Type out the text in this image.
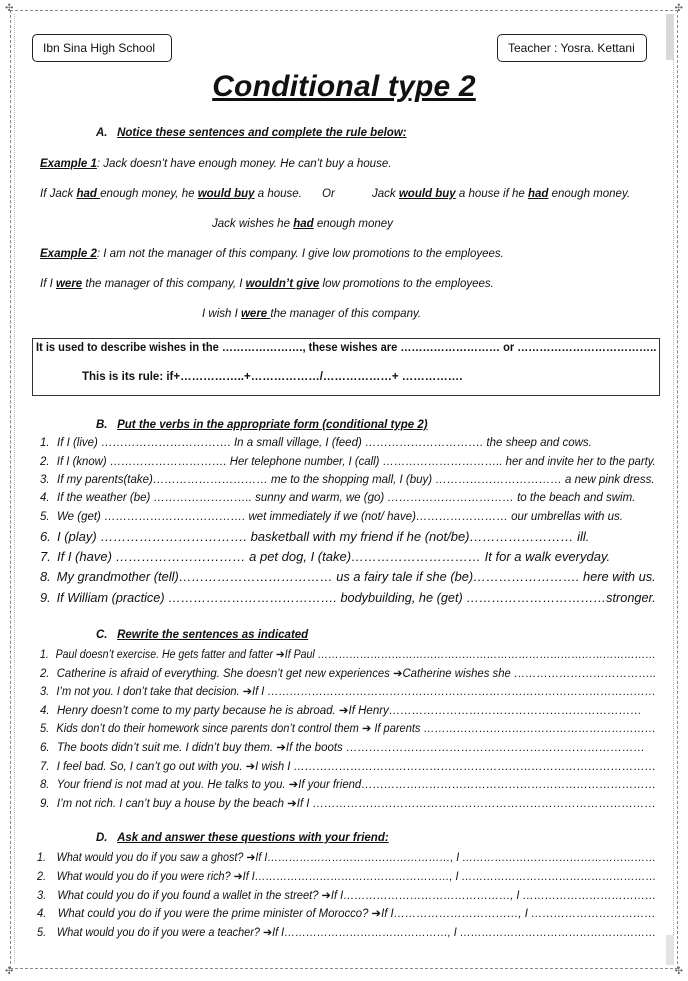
✣	✣
✣	✣
Ibn Sina High School	Teacher : Yosra. Kettani
Conditional type 2
A. Notice these sentences and complete the rule below:
Example 1: Jack doesn’t have enough money. He can’t buy a house.
If Jack had enough money, he would buy a house. Or	Jack would buy a house if he had enough money.
Jack wishes he had enough money
Example 2: I am not the manager of this company. I give low promotions to the employees.
If I were the manager of this company, I wouldn’t give low promotions to the employees.
I wish I were the manager of this company.
It is used to describe wishes in the …………………., these wishes are ……………………… or ………………………………..
This is its rule: if+……………..+………………/………………+ …………….
B. Put the verbs in the appropriate form (conditional type 2)
1. If I (live) ……………………………. In a small village, I (feed) …………………………. the sheep and cows.
2. If I (know) …………………………. Her telephone number, I (call) ………………………….. her and invite her to the party.
3. If my parents(take)………………………… me to the shopping mall, I (buy) …………………………… a new pink dress.
4. If the weather (be) …………………….. sunny and warm, we (go) …………………………… to the beach and swim.
5. We (get) ………………………………. wet immediately if we (not/ have)…………………… our umbrellas with us.
6. I (play) ……………………………. basketball with my friend if he (not/be)…………………… ill.
7. If I (have) ………………………… a pet dog, I (take)………………………… It for a walk everyday.
8. My grandmother (tell)……………………………… us a fairy tale if she (be)……………………. here with us.
9. If William (practice) …………………………………. bodybuilding, he (get) ……………………………stronger.
C. Rewrite the sentences as indicated
1. Paul doesn’t exercise. He gets fatter and fatter ➔If Paul ……………………………………………………………………………………
2. Catherine is afraid of everything. She doesn’t get new experiences ➔Catherine wishes she ………………………………..
3. I’m not you. I don’t take that decision. ➔If I ……………………………………………………………………………………………
4. Henry doesn’t come to my party because he is abroad. ➔If Henry…………………………………………………………
5. Kids don’t do their homework since parents don’t control them ➔ If parents ………………………………………………………
6. The boots didn’t suit me. I didn’t buy them. ➔If the boots ……………………………………………………………………
7. I feel bad. So, I can’t go out with you. ➔I wish I ……………………………………………………………………………………
8. Your friend is not mad at you. He talks to you. ➔If your friend……………………………………………………………………
9. I’m not rich. I can’t buy a house by the beach ➔If I ………………………………………………………………………………
D. Ask and answer these questions with your friend:
1. What would you do if you saw a ghost? ➔If I……………………………………………, I ………………………………………………
2. What would you do if you were rich? ➔If I………………………………………………, I ………………………………………………
3. What could you do if you found a wallet in the street? ➔If I………………………………………, I ………………………………
4. What could you do if you were the prime minister of Morocco? ➔If I……………………………, I ……………………………
5. What would you do if you were a teacher? ➔If I………………………………………, I ………………………………………………
